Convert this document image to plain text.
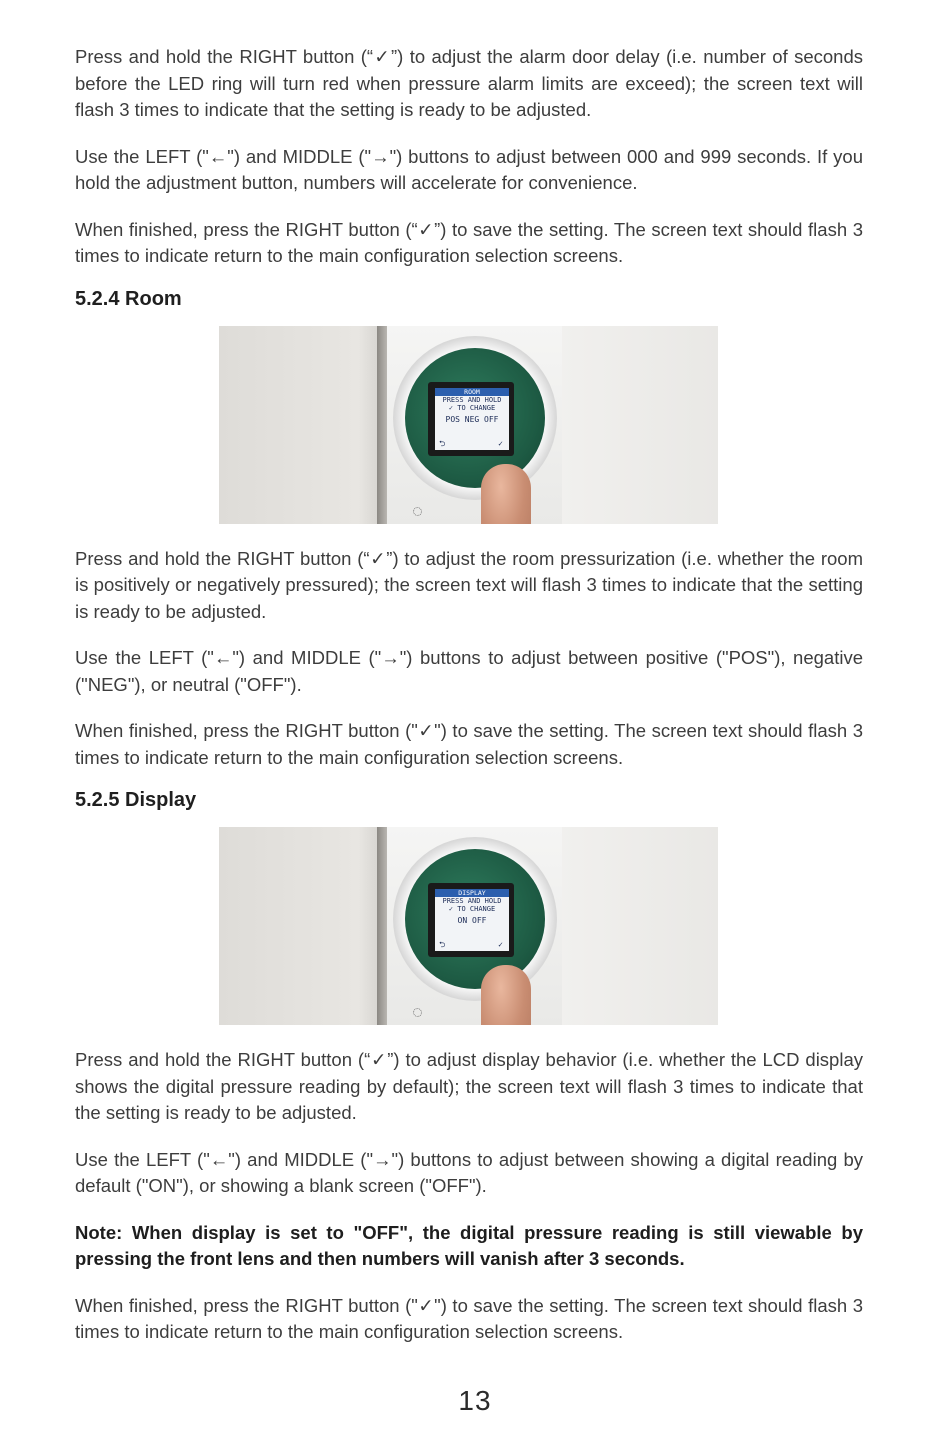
Press and hold the RIGHT button (“✓”) to adjust the alarm door delay (i.e. number of seconds before the LED ring will turn red when pressure alarm limits are exceed); the screen text will flash 3 times to indicate that the setting is ready to be adjusted.

Use the LEFT ("←") and MIDDLE ("→") buttons to adjust between 000 and 999 seconds. If you hold the adjustment button, numbers will accelerate for convenience.

When finished, press the RIGHT button (“✓”) to save the setting. The screen text should flash 3 times to indicate return to the main configuration selection screens.

5.2.4 Room
ROOM
PRESS AND HOLD
✓ TO CHANGE
POS NEG OFF
⮌	✓

Press and hold the RIGHT button (“✓”) to adjust the room pressurization (i.e. whether the room is positively or negatively pressured); the screen text will flash 3 times to indicate that the setting is ready to be adjusted.

Use the LEFT ("←") and MIDDLE ("→") buttons to adjust between positive ("POS"), negative ("NEG"), or neutral ("OFF").

When finished, press the RIGHT button ("✓") to save the setting. The screen text should flash 3 times to indicate return to the main configuration selection screens.

5.2.5 Display
DISPLAY
PRESS AND HOLD
✓ TO CHANGE
ON OFF
⮌	✓

Press and hold the RIGHT button (“✓”) to adjust display behavior (i.e. whether the LCD display shows the digital pressure reading by default); the screen text will flash 3 times to indicate that the setting is ready to be adjusted.

Use the LEFT ("←") and MIDDLE ("→") buttons to adjust between showing a digital reading by default ("ON"), or showing a blank screen ("OFF").

Note: When display is set to "OFF", the digital pressure reading is still viewable by pressing the front lens and then numbers will vanish after 3 seconds.

When finished, press the RIGHT button ("✓") to save the setting. The screen text should flash 3 times to indicate return to the main configuration selection screens.

13
